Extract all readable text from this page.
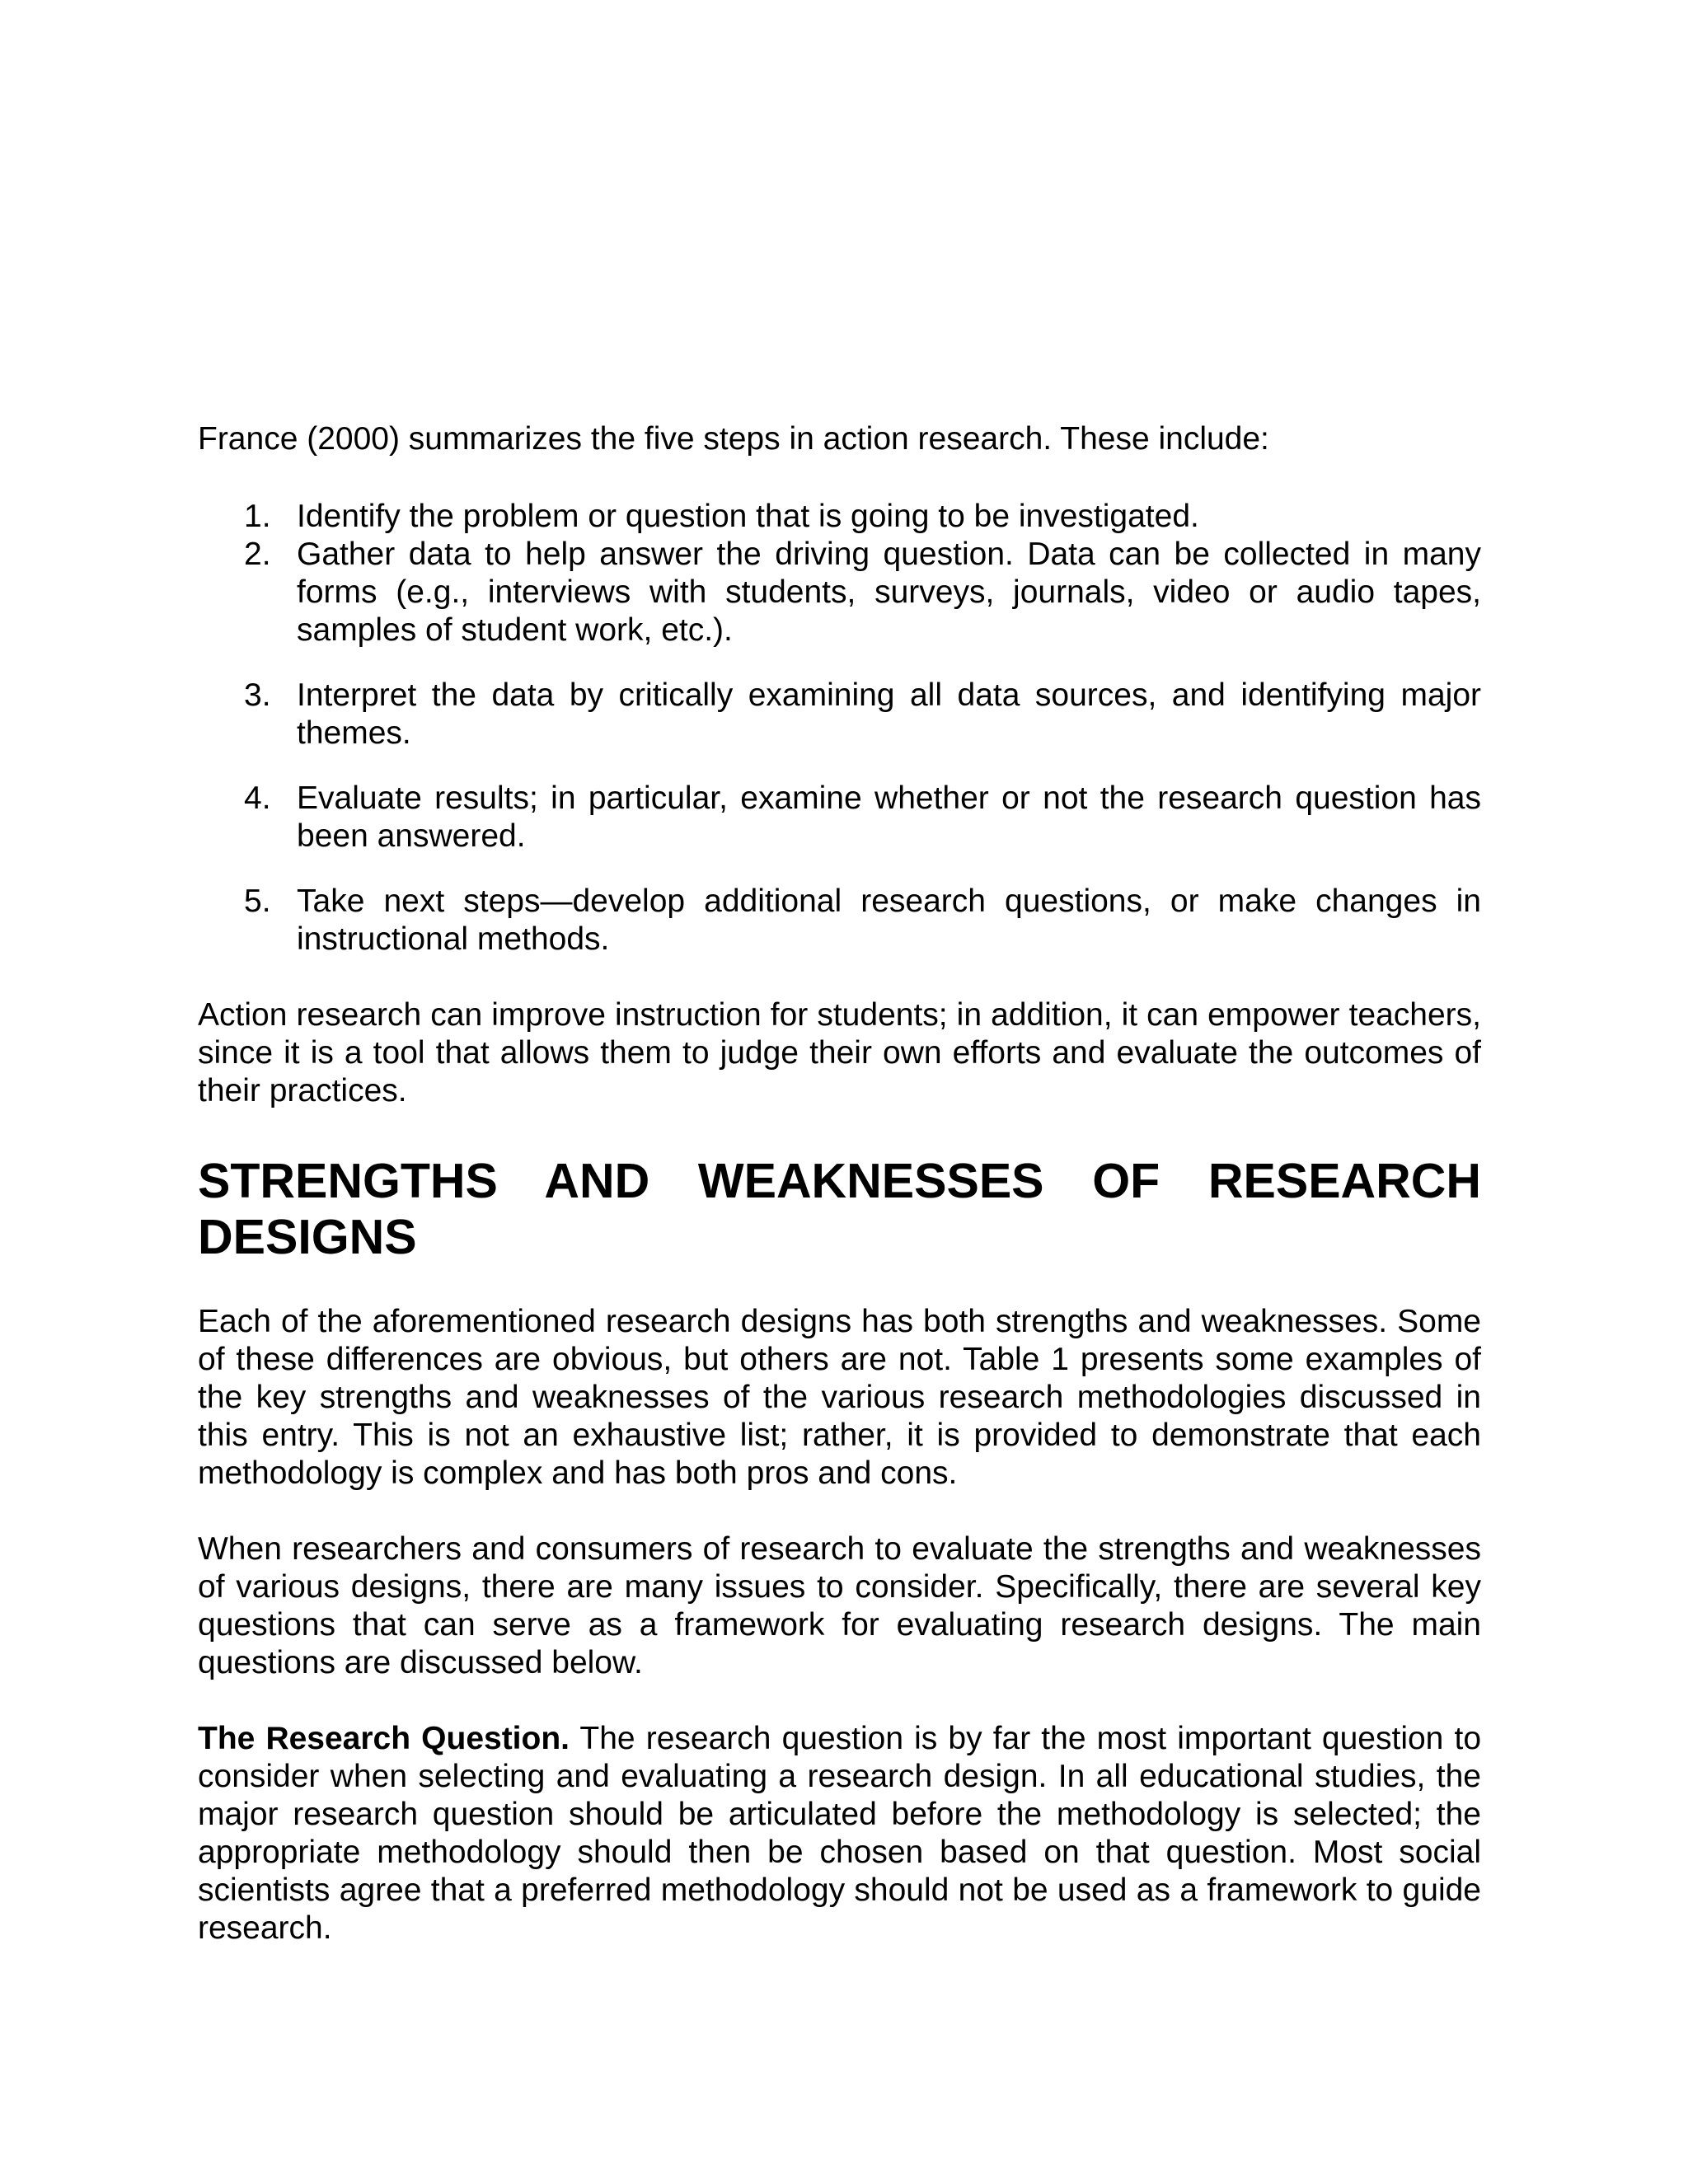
France (2000) summarizes the five steps in action research. These include:

1. Identify the problem or question that is going to be investigated.
2. Gather data to help answer the driving question. Data can be collected in many forms (e.g., interviews with students, surveys, journals, video or audio tapes, samples of student work, etc.).
3. Interpret the data by critically examining all data sources, and identifying major themes.
4. Evaluate results; in particular, examine whether or not the research question has been answered.
5. Take next steps—develop additional research questions, or make changes in instructional methods.

Action research can improve instruction for students; in addition, it can empower teachers, since it is a tool that allows them to judge their own efforts and evaluate the outcomes of their practices.

STRENGTHS AND WEAKNESSES OF RESEARCH DESIGNS

Each of the aforementioned research designs has both strengths and weaknesses. Some of these differences are obvious, but others are not. Table 1 presents some examples of the key strengths and weaknesses of the various research methodologies discussed in this entry. This is not an exhaustive list; rather, it is provided to demonstrate that each methodology is complex and has both pros and cons.

When researchers and consumers of research to evaluate the strengths and weaknesses of various designs, there are many issues to consider. Specifically, there are several key questions that can serve as a framework for evaluating research designs. The main questions are discussed below.

The Research Question. The research question is by far the most important question to consider when selecting and evaluating a research design. In all educational studies, the major research question should be articulated before the methodology is selected; the appropriate methodology should then be chosen based on that question. Most social scientists agree that a preferred methodology should not be used as a framework to guide research.
